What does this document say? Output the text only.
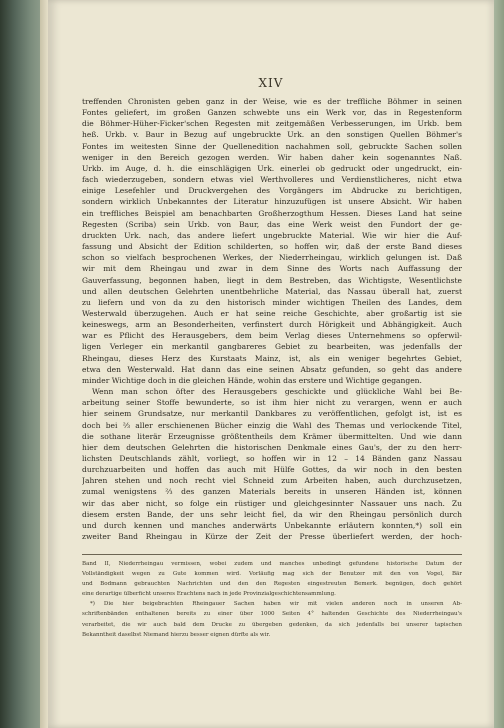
XIV
treffenden Chronisten geben ganz in der Weise, wie es der treffliche Böhmer in seinen
Fontes geliefert, im großen Ganzen schwebte uns ein Werk vor, das in Regestenform
die Böhmer-Hüher-Ficker'schen Regesten mit zeitgemäßen Verbesserungen, im Urkb. bem
heß. Urkb. v. Baur in Bezug auf ungebruckte Urk. an den sonstigen Quellen Böhmer's
Fontes im weitesten Sinne der Quellenedition nachahmen soll, gebruckte Sachen sollen
weniger in den Bereich gezogen werden. Wir haben daher kein sogenanntes Naß.
Urkb. im Auge, d. h. die einschlägigen Urk. einerlei ob gedruckt oder ungedruckt, ein-
fach wiederzugeben, sondern etwas viel Werthvolleres und Verdienstlicheres, nicht etwa
einige Lesefehler und Druckvergehen des Vorgängers im Abdrucke zu berichtigen,
sondern wirklich Unbekanntes der Literatur hinzuzufügen ist unsere Absicht. Wir haben
ein treffliches Beispiel am benachbarten Großherzogthum Hessen. Dieses Land hat seine
Regesten (Scriba) sein Urkb. von Baur, das eine Werk weist den Fundort der ge-
druckten Urk. nach, das andere liefert ungebruckte Material. Wie wir hier die Auf-
fassung und Absicht der Edition schilderten, so hoffen wir, daß der erste Band dieses
schon so vielfach besprochenen Werkes, der Niederrheingau, wirklich gelungen ist. Daß
wir mit dem Rheingau und zwar in dem Sinne des Worts nach Auffassung der
Gauverfassung, begonnen haben, liegt in dem Bestreben, das Wichtigste, Wesentlichste
und allen deutschen Gelehrten unentbehrliche Material, das Nassau überall hat, zuerst
zu liefern und von da zu den historisch minder wichtigen Theilen des Landes, dem
Westerwald überzugehen. Auch er hat seine reiche Geschichte, aber großartig ist sie
keineswegs, arm an Besonderheiten, verfinstert durch Hörigkeit und Abhängigkeit. Auch
war es Pflicht des Herausgebers, dem beim Verlag dieses Unternehmens so opferwil-
ligen Verleger ein merkantil gangbareres Gebiet zu bearbeiten, was jedenfalls der
Rheingau, dieses Herz des Kurstaats Mainz, ist, als ein weniger begehrtes Gebiet,
etwa den Westerwald. Hat dann das eine seinen Absatz gefunden, so geht das andere
minder Wichtige doch in die gleichen Hände, wohin das erstere und Wichtige gegangen.
Wenn man schon öfter des Herausgebers geschickte und glückliche Wahl bei Be-
arbeitung seiner Stoffe bewunderte, so ist ihm hier nicht zu verargen, wenn er auch
hier seinem Grundsatze, nur merkantil Dankbares zu veröffentlichen, gefolgt ist, ist es
doch bei ⅔ aller erschienenen Bücher einzig die Wahl des Themas und verlockende Titel,
die sothane literär Erzeugnisse größtentheils dem Krämer übermittelten. Und wie dann
hier dem deutschen Gelehrten die historischen Denkmale eines Gau's, der zu den herr-
lichsten Deutschlands zählt, vorliegt, so hoffen wir in 12 – 14 Bänden ganz Nassau
durchzuarbeiten und hoffen das auch mit Hülfe Gottes, da wir noch in den besten
Jahren stehen und noch recht viel Schneid zum Arbeiten haben, auch durchzusetzen,
zumal wenigstens ⅔ des ganzen Materials bereits in unseren Händen ist, können
wir das aber nicht, so folge ein rüstiger und gleichgesinnter Nassauer uns nach. Zu
diesem ersten Bande, der uns sehr leicht fiel, da wir den Rheingau persönlich durch
und durch kennen und manches anderwärts Unbekannte erläutern konnten,*) soll ein
zweiter Band Rheingau in Kürze der Zeit der Presse überliefert werden, der hoch-
Band II, Niederrheingau vermissen, wobei zudem und manches unbedingt gefundene historische Datum der
Vollständigkeit wegen zu Gute kommen wird. Vorläufig mag sich der Benutzer mit den von Vogel, Bär
und Bodmann gebrauchten Nachrichten und den den Regesten eingestreuten Bemerk. begnügen, doch gehört
eine derartige ülberficht unseres Erachtens nach in jede Provinzialgeschichtensammlung.
*) Die hier beigebrachten Rheingauer Sachen haben wir mit vielen anderen noch in unseren Ab-
schriftenbänden enthaltenen bereits zu einer über 1000 Seiten 4° haltenden Geschichte des Niederrheingau's
verarbeitet, die wir auch bald dem Drucke zu übergeben gedenken, da sich jedenfalls bei unserer tapischen
Bekanntheit daselbst Niemand hierzu besser eignen dürfte als wir.
